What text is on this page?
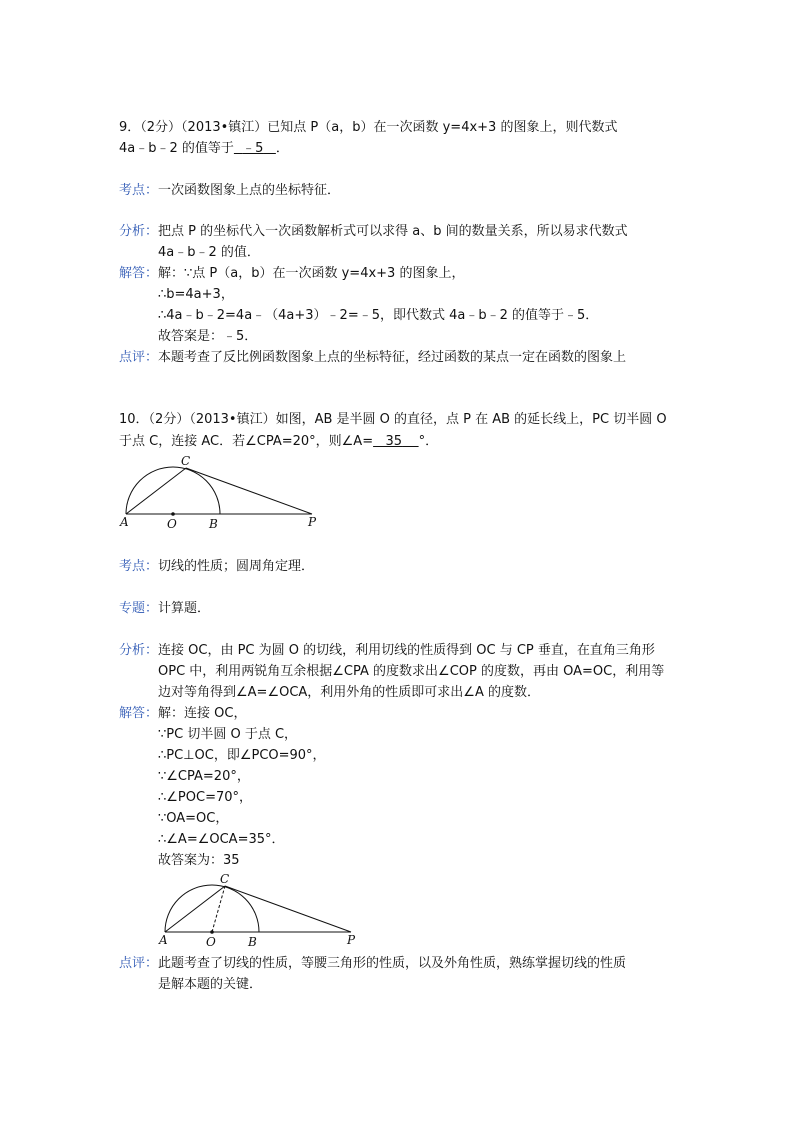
9．（2分）（2013•镇江）已知点 P（a，b）在一次函数 y=4x+3 的图象上，则代数式
4a﹣b﹣2 的值等于 ﹣5 ．
考点：一次函数图象上点的坐标特征．
分析：把点 P 的坐标代入一次函数解析式可以求得 a、b 间的数量关系，所以易求代数式
4a﹣b﹣2 的值．
解答：解：∵点 P（a，b）在一次函数 y=4x+3 的图象上，
∴b=4a+3，
∴4a﹣b﹣2=4a﹣（4a+3）﹣2=﹣5，即代数式 4a﹣b﹣2 的值等于﹣5．
故答案是：﹣5．
点评：本题考查了反比例函数图象上点的坐标特征，经过函数的某点一定在函数的图象上
10．（2分）（2013•镇江）如图，AB 是半圆 O 的直径，点 P 在 AB 的延长线上，PC 切半圆 O
于点 C，连接 AC．若∠CPA=20°，则∠A= 35 °．
A	O	B	P
C
考点：切线的性质；圆周角定理．
专题：计算题．
分析：连接 OC，由 PC 为圆 O 的切线，利用切线的性质得到 OC 与 CP 垂直，在直角三角形
OPC 中，利用两锐角互余根据∠CPA 的度数求出∠COP 的度数，再由 OA=OC，利用等
边对等角得到∠A=∠OCA，利用外角的性质即可求出∠A 的度数．
解答：解：连接 OC，
∵PC 切半圆 O 于点 C，
∴PC⊥OC，即∠PCO=90°，
∵∠CPA=20°，
∴∠POC=70°，
∵OA=OC，
∴∠A=∠OCA=35°．
故答案为：35
A	O	B	P
C
点评：此题考查了切线的性质，等腰三角形的性质，以及外角性质，熟练掌握切线的性质
是解本题的关键．
